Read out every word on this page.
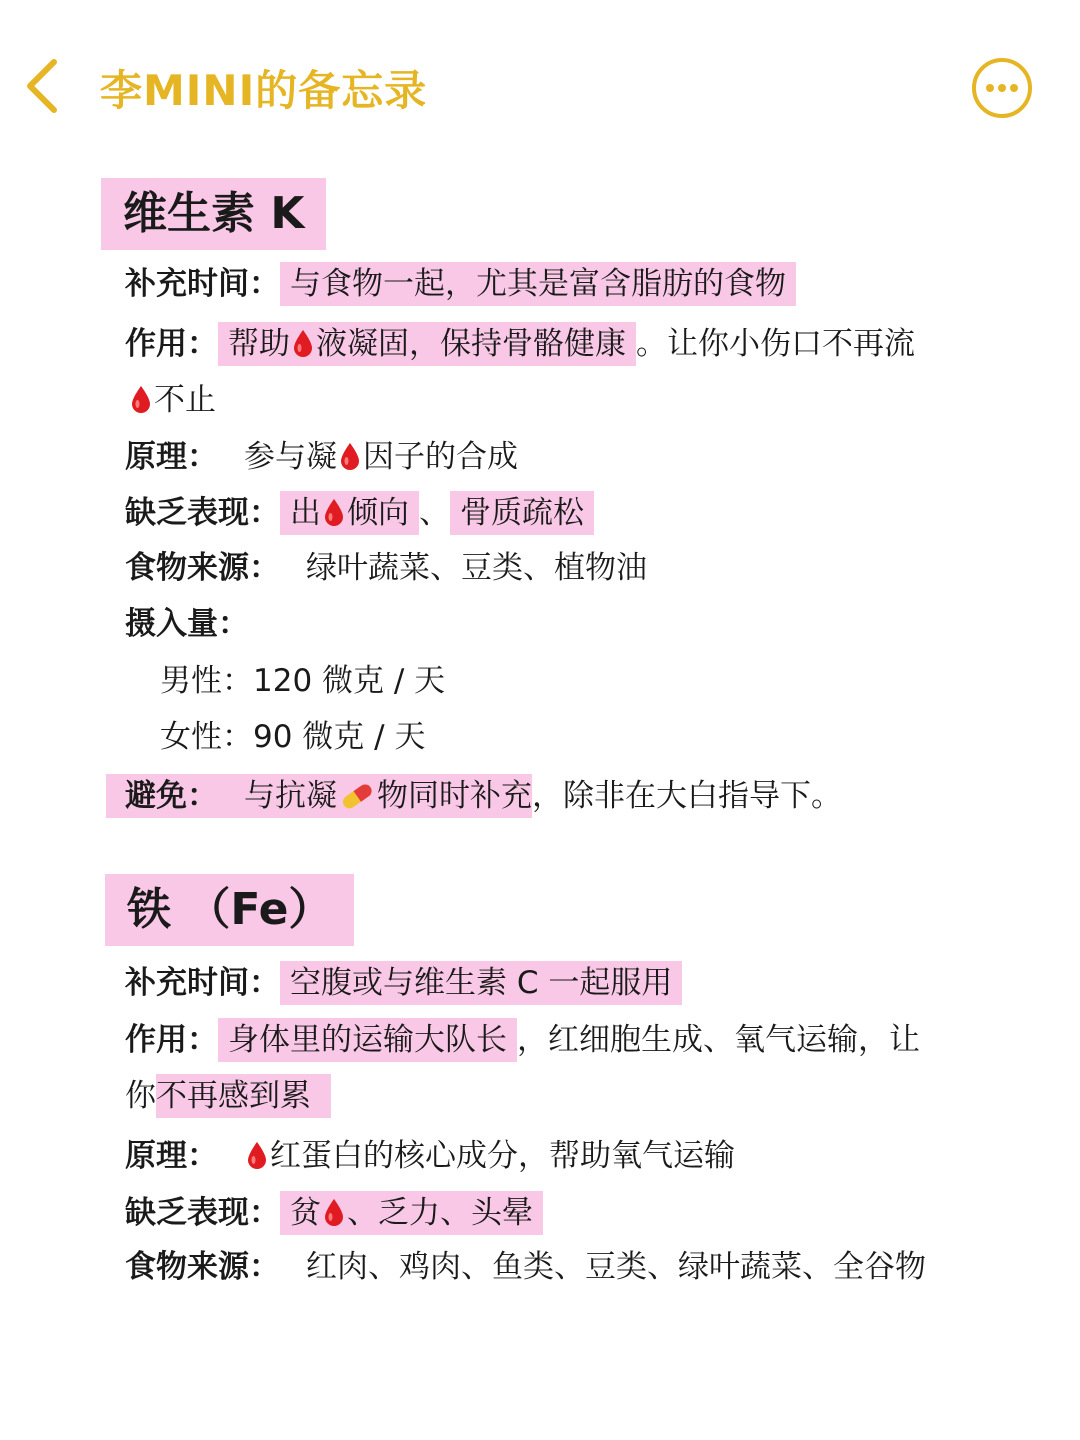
李MINI的备忘录
维生素 K
补充时间： 与食物一起，尤其是富含脂肪的食物
作用： 帮助 液凝固，保持骨骼健康 。让你小伤口不再流
不止
原理： 参与凝 因子的合成
缺乏表现： 出 倾向 、 骨质疏松
食物来源： 绿叶蔬菜、豆类、植物油
摄入量：
男性：120 微克 / 天
女性：90 微克 / 天
避免： 与抗凝 物同时补充，除非在大白指导下。
铁 （Fe）
补充时间： 空腹或与维生素 C 一起服用
作用： 身体里的运输大队长 ，红细胞生成、氧气运输，让
你不再感到累
原理： 红蛋白的核心成分，帮助氧气运输
缺乏表现： 贫 、乏力、头晕
食物来源： 红肉、鸡肉、鱼类、豆类、绿叶蔬菜、全谷物
